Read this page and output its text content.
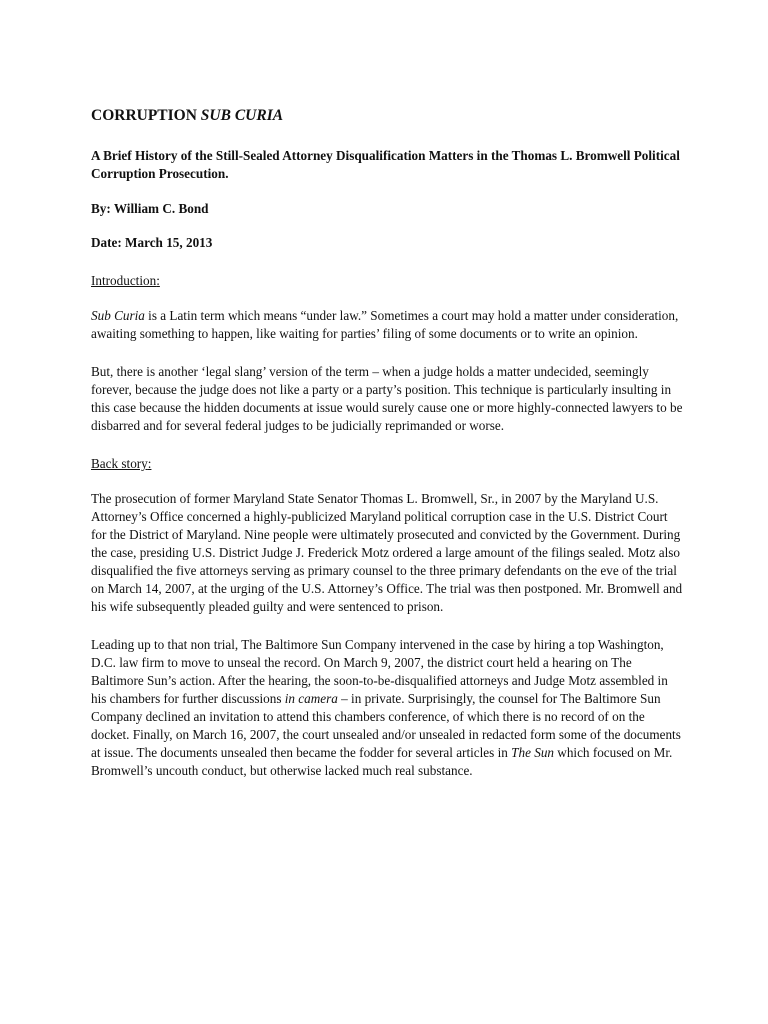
CORRUPTION SUB CURIA
A Brief History of the Still-Sealed Attorney Disqualification Matters in the Thomas L. Bromwell Political Corruption Prosecution.
By: William C. Bond
Date: March 15, 2013
Introduction:

Sub Curia is a Latin term which means “under law.” Sometimes a court may hold a matter under consideration, awaiting something to happen, like waiting for parties’ filing of some documents or to write an opinion.

But, there is another ‘legal slang’ version of the term – when a judge holds a matter undecided, seemingly forever, because the judge does not like a party or a party’s position. This technique is particularly insulting in this case because the hidden documents at issue would surely cause one or more highly-connected lawyers to be disbarred and for several federal judges to be judicially reprimanded or worse.

Back story:

The prosecution of former Maryland State Senator Thomas L. Bromwell, Sr., in 2007 by the Maryland U.S. Attorney’s Office concerned a highly-publicized Maryland political corruption case in the U.S. District Court for the District of Maryland. Nine people were ultimately prosecuted and convicted by the Government. During the case, presiding U.S. District Judge J. Frederick Motz ordered a large amount of the filings sealed. Motz also disqualified the five attorneys serving as primary counsel to the three primary defendants on the eve of the trial on March 14, 2007, at the urging of the U.S. Attorney’s Office. The trial was then postponed. Mr. Bromwell and his wife subsequently pleaded guilty and were sentenced to prison.

Leading up to that non trial, The Baltimore Sun Company intervened in the case by hiring a top Washington, D.C. law firm to move to unseal the record. On March 9, 2007, the district court held a hearing on The Baltimore Sun’s action. After the hearing, the soon-to-be-disqualified attorneys and Judge Motz assembled in his chambers for further discussions in camera – in private. Surprisingly, the counsel for The Baltimore Sun Company declined an invitation to attend this chambers conference, of which there is no record of on the docket. Finally, on March 16, 2007, the court unsealed and/or unsealed in redacted form some of the documents at issue. The documents unsealed then became the fodder for several articles in The Sun which focused on Mr. Bromwell’s uncouth conduct, but otherwise lacked much real substance.
